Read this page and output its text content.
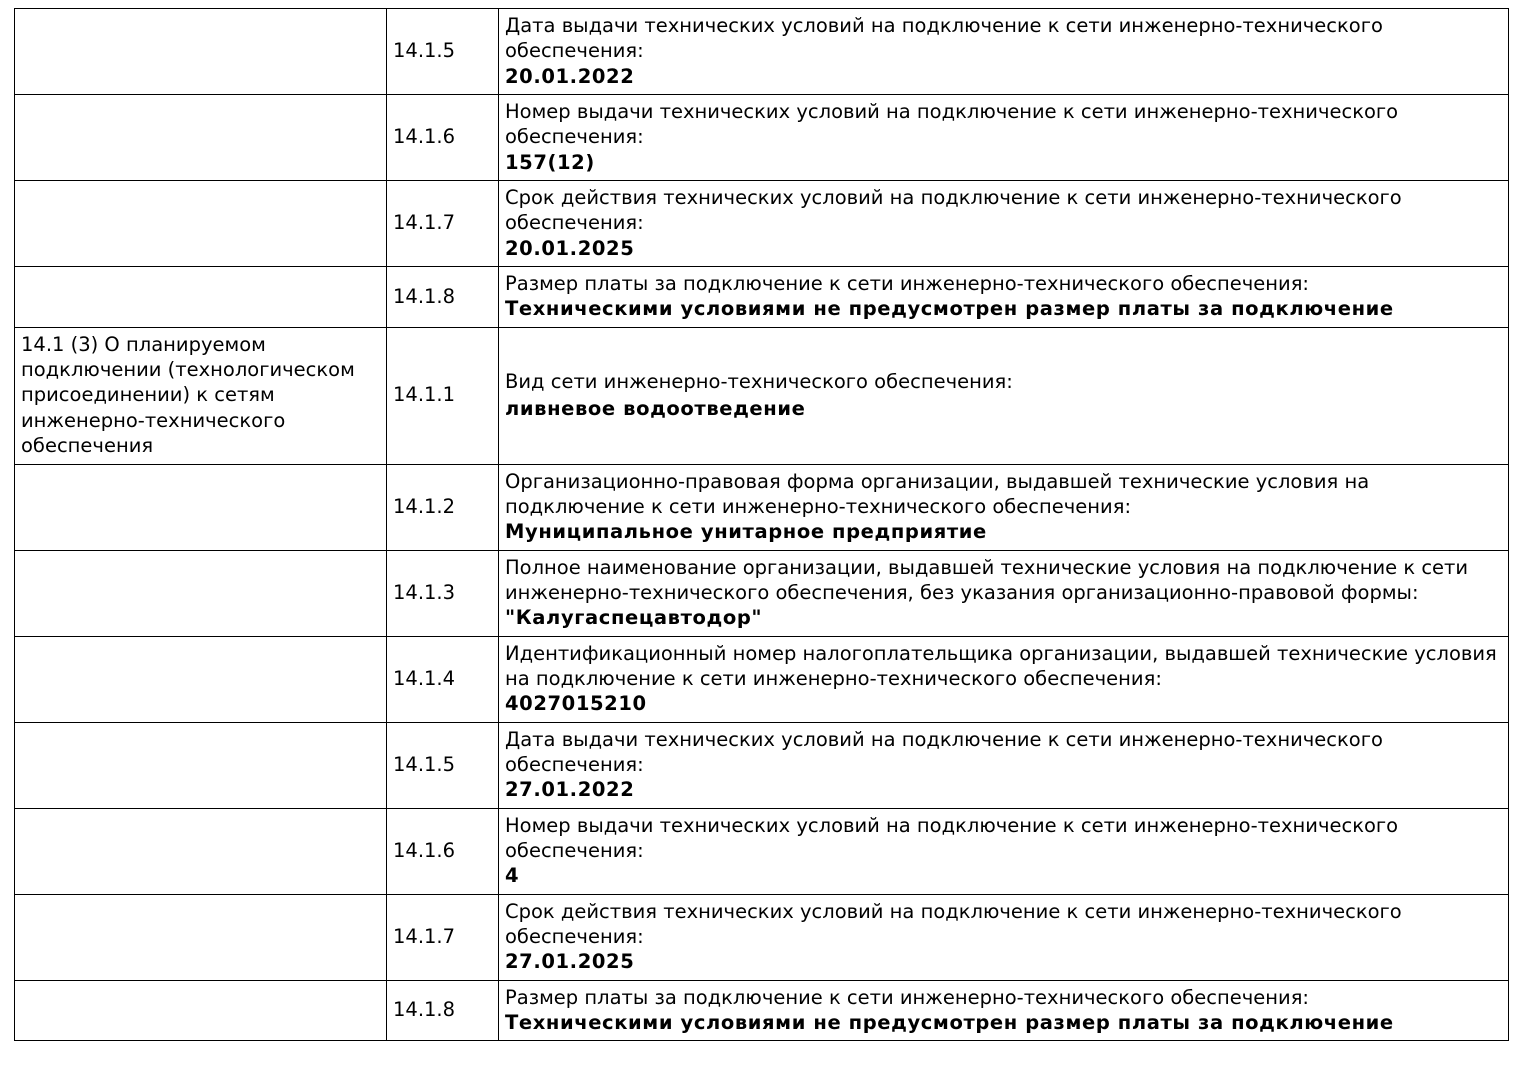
	14.1.5	Дата выдачи технических условий на подключение к сети инженерно-технического обеспечения:
20.01.2022

	14.1.6	Номер выдачи технических условий на подключение к сети инженерно-технического обеспечения:
157(12)

	14.1.7	Срок действия технических условий на подключение к сети инженерно-технического обеспечения:
20.01.2025

	14.1.8	Размер платы за подключение к сети инженерно-технического обеспечения:
Техническими условиями не предусмотрен размер платы за подключение

14.1 (3) О планируемом подключении (технологическом присоединении) к сетям инженерно-технического обеспечения	14.1.1	Вид сети инженерно-технического обеспечения:
ливневое водоотведение

	14.1.2	Организационно-правовая форма организации, выдавшей технические условия на подключение к сети инженерно-технического обеспечения:
Муниципальное унитарное предприятие

	14.1.3	Полное наименование организации, выдавшей технические условия на подключение к сети инженерно-технического обеспечения, без указания организационно-правовой формы:
"Калугаспецавтодор"

	14.1.4	Идентификационный номер налогоплательщика организации, выдавшей технические условия на подключение к сети инженерно-технического обеспечения:
4027015210

	14.1.5	Дата выдачи технических условий на подключение к сети инженерно-технического обеспечения:
27.01.2022

	14.1.6	Номер выдачи технических условий на подключение к сети инженерно-технического обеспечения:
4

	14.1.7	Срок действия технических условий на подключение к сети инженерно-технического обеспечения:
27.01.2025

	14.1.8	Размер платы за подключение к сети инженерно-технического обеспечения:
Техническими условиями не предусмотрен размер платы за подключение
